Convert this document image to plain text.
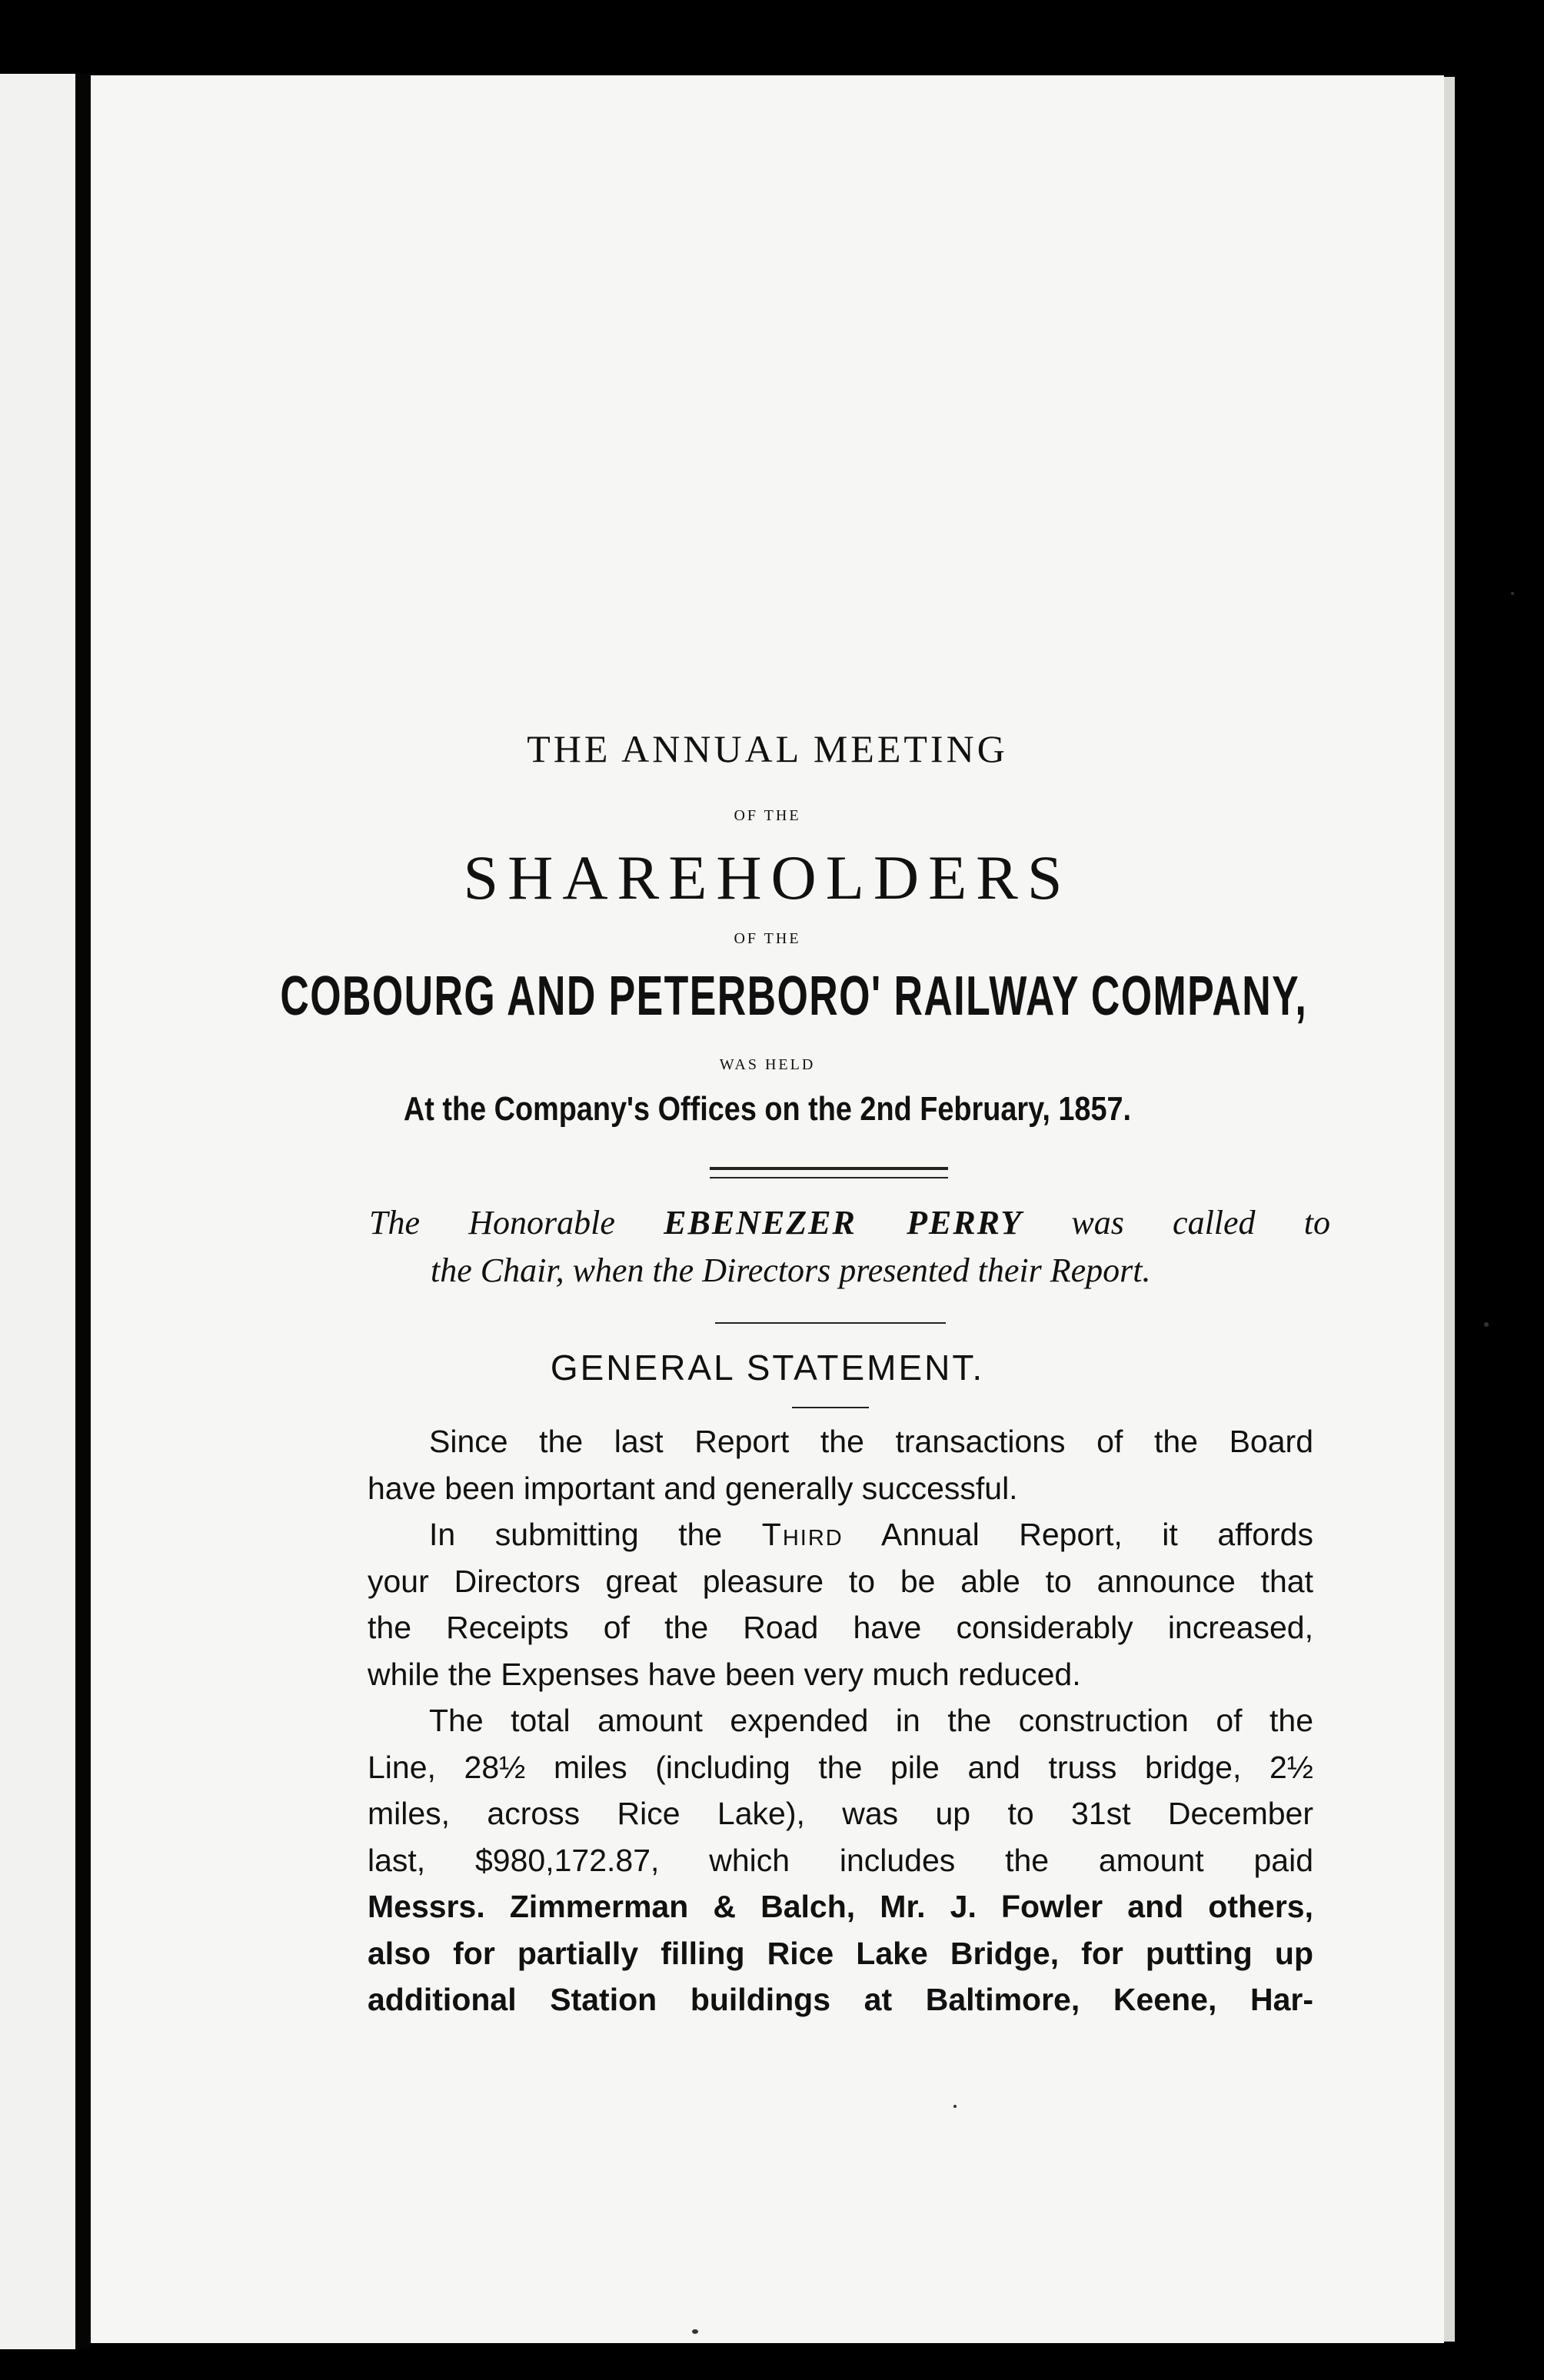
THE ANNUAL MEETING
OF THE
SHAREHOLDERS
OF THE
COBOURG AND PETERBORO' RAILWAY COMPANY,
WAS HELD
At the Company's Offices on the 2nd February, 1857.
The Honorable EBENEZER PERRY was called to
the Chair, when the Directors presented their Report.
GENERAL STATEMENT.
Since the last Report the transactions of the Board
have been important and generally successful.
In submitting the Third Annual Report, it affords
your Directors great pleasure to be able to announce that
the Receipts of the Road have considerably increased,
while the Expenses have been very much reduced.
The total amount expended in the construction of the
Line, 28½ miles (including the pile and truss bridge, 2½
miles, across Rice Lake), was up to 31st December
last, $980,172.87, which includes the amount paid
Messrs. Zimmerman & Balch, Mr. J. Fowler and others,
also for partially filling Rice Lake Bridge, for putting up
additional Station buildings at Baltimore, Keene, Har-
